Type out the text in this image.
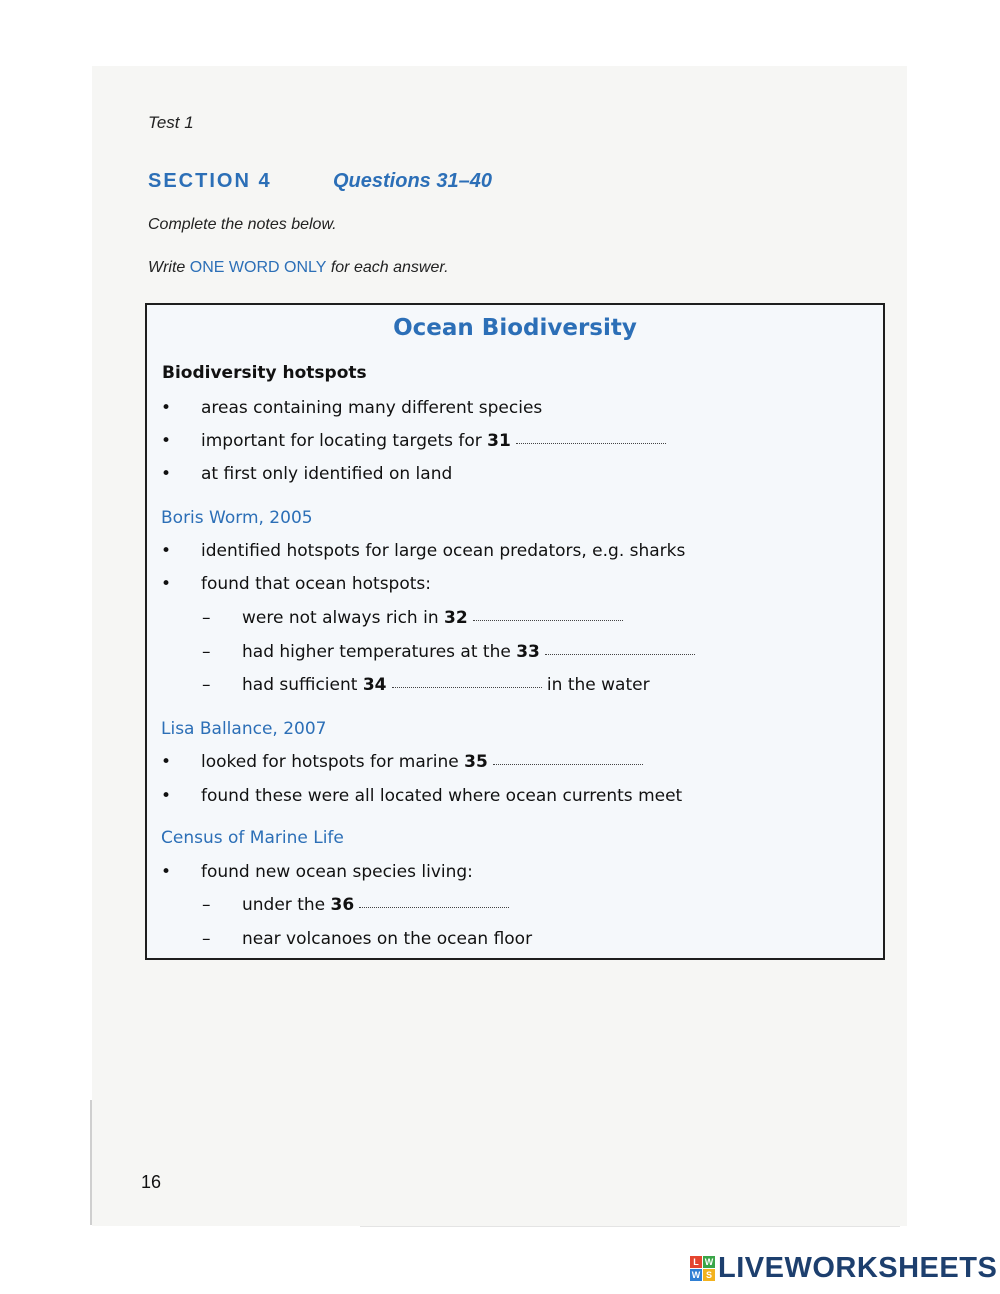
Test 1
SECTION 4	Questions 31–40
Complete the notes below.
Write ONE WORD ONLY for each answer.
Ocean Biodiversity
Biodiversity hotspots
• areas containing many different species
• important for locating targets for 31
• at first only identified on land
Boris Worm, 2005
• identified hotspots for large ocean predators, e.g. sharks
• found that ocean hotspots:
– were not always rich in 32
– had higher temperatures at the 33
– had sufficient 34	in the water
Lisa Ballance, 2007
• looked for hotspots for marine 35
• found these were all located where ocean currents meet
Census of Marine Life
• found new ocean species living:
– under the 36
– near volcanoes on the ocean floor
16
L W
W S LIVEWORKSHEETS
